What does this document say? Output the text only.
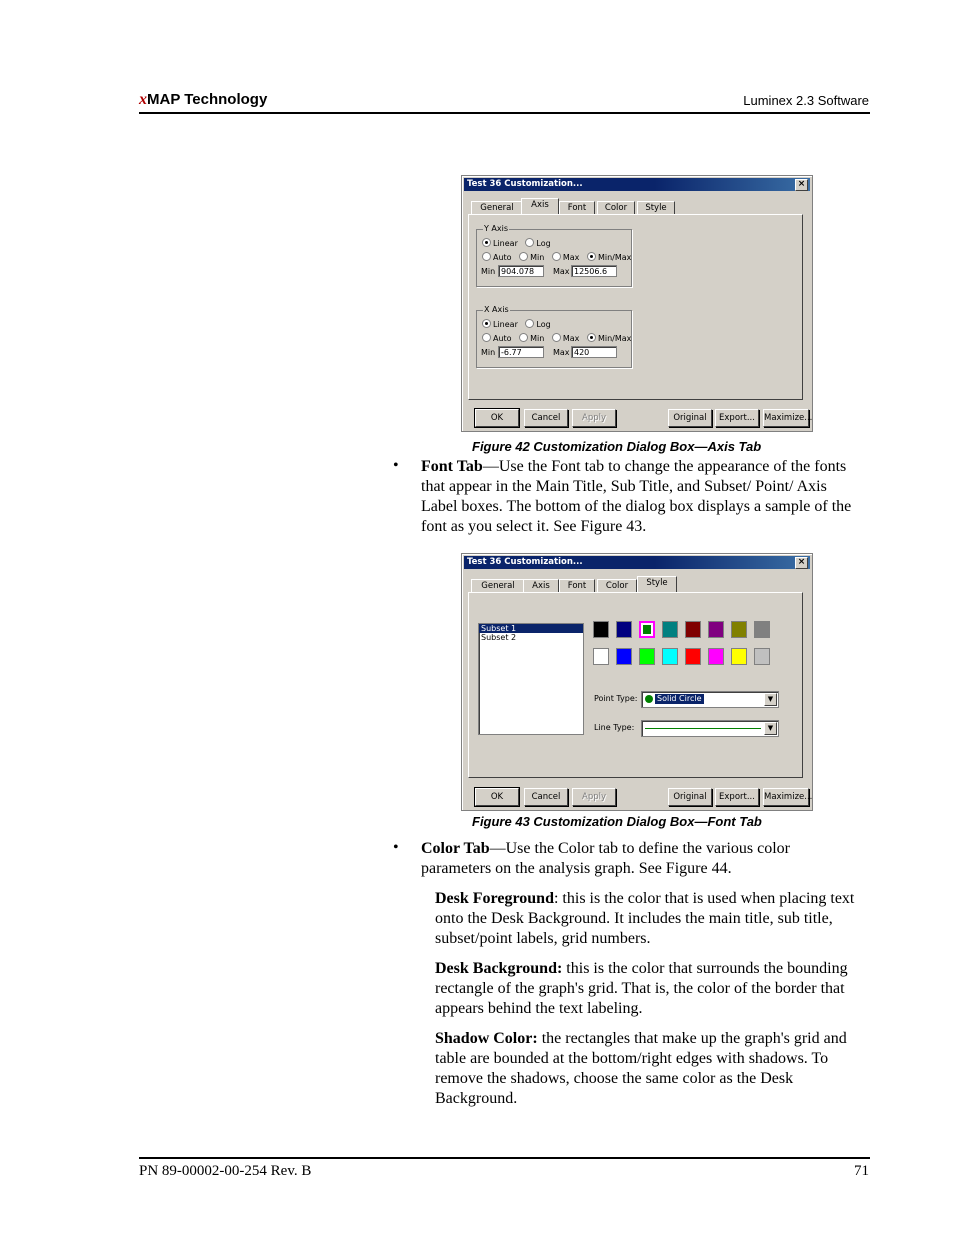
xMAP Technology	Luminex 2.3 Software
Test 36 Customization...	×
General	Axis	Font	Color	Style
Y Axis
Linear Log
Auto Min Max Min/Max
Min 904.078	Max 12506.6
X Axis
Linear Log
Auto Min Max Min/Max
Min -6.77	Max 420
OK	Cancel	Apply	Original	Export...	Maximize...
Figure 42 Customization Dialog Box—Axis Tab
• Font Tab—Use the Font tab to change the appearance of the fonts that appear in the Main Title, Sub Title, and Subset/ Point/ Axis Label boxes. The bottom of the dialog box displays a sample of the font as you select it. See Figure 43.
Test 36 Customization...	×
General	Axis	Font	Color	Style
Subset 1
Subset 2
Point Type: Solid Circle	▼
Line Type:	▼
OK	Cancel	Apply	Original	Export...	Maximize...
Figure 43 Customization Dialog Box—Font Tab
• Color Tab—Use the Color tab to define the various color parameters on the analysis graph. See Figure 44.
Desk Foreground: this is the color that is used when placing text onto the Desk Background. It includes the main title, sub title, subset/point labels, grid numbers.
Desk Background: this is the color that surrounds the bounding rectangle of the graph's grid. That is, the color of the border that appears behind the text labeling.
Shadow Color: the rectangles that make up the graph's grid and table are bounded at the bottom/right edges with shadows. To remove the shadows, choose the same color as the Desk Background.
PN 89-00002-00-254 Rev. B	71
